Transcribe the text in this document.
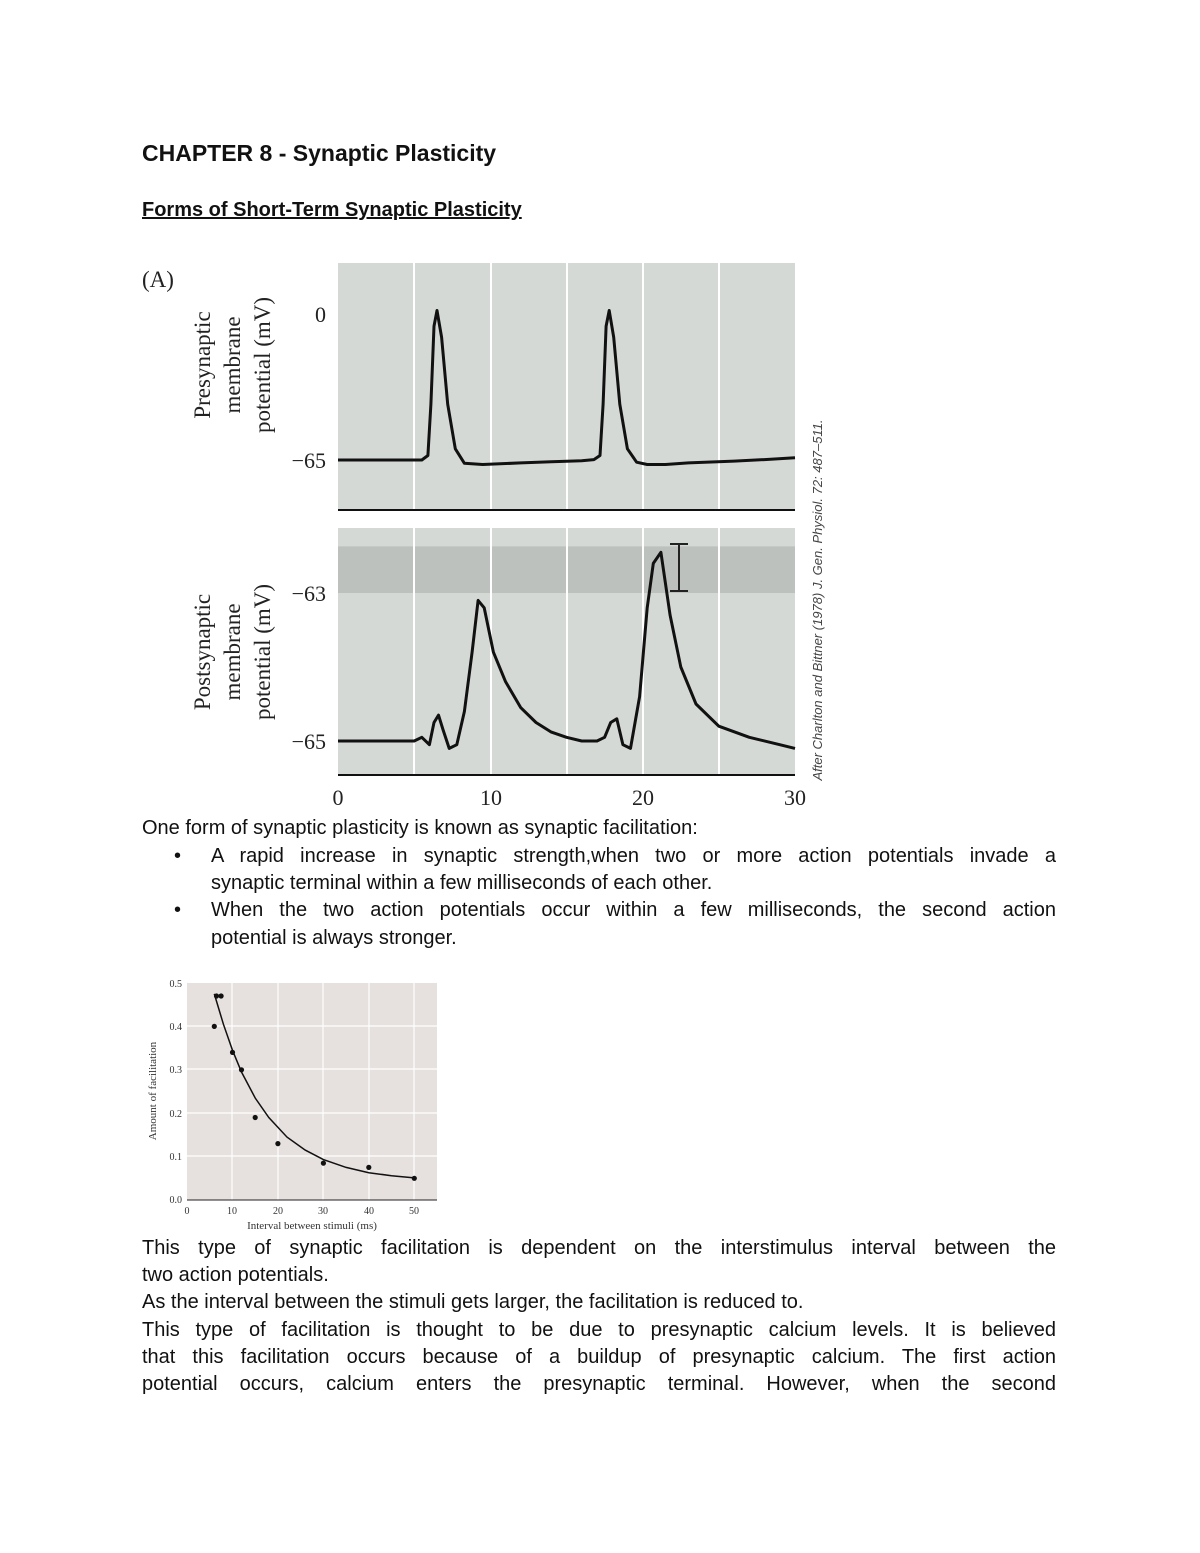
CHAPTER 8 - Synaptic Plasticity
Forms of Short-Term Synaptic Plasticity
(A)
0
−65
Presynaptic membrane potential (mV)
−63
−65
0	10	20	30
Postsynaptic membrane potential (mV)	After Charlton and Bittner (1978) J. Gen. Physiol. 72: 487–511.
One form of synaptic plasticity is known as synaptic facilitation:
• A rapid increase in synaptic strength,when two or more action potentials invade a
synaptic terminal within a few milliseconds of each other.
• When the two action potentials occur within a few milliseconds, the second action
potential is always stronger.
0.5
0.4
0.3
0.2
0.1
0.0
0	10	20	30	40	50
Interval between stimuli (ms)
Amount of facilitation
This type of synaptic facilitation is dependent on the interstimulus interval between the
two action potentials.
As the interval between the stimuli gets larger, the facilitation is reduced to.
This type of facilitation is thought to be due to presynaptic calcium levels. It is believed
that this facilitation occurs because of a buildup of presynaptic calcium. The first action
potential occurs, calcium enters the presynaptic terminal. However, when the second
